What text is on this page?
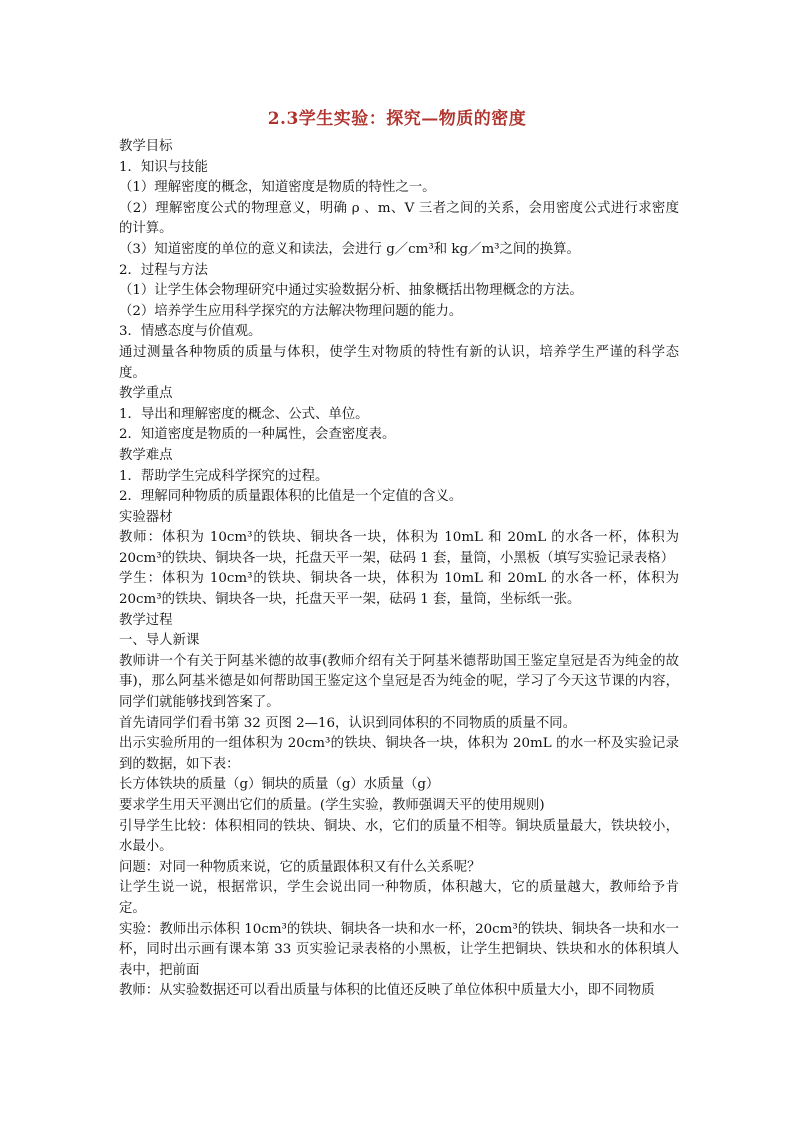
2.3学生实验：探究—物质的密度

教学目标

1．知识与技能

（1）理解密度的概念，知道密度是物质的特性之一。

（2）理解密度公式的物理意义，明确 ρ 、m、V 三者之间的关系，会用密度公式进行求密度的计算。

（3）知道密度的单位的意义和读法，会进行 g／cm³和 kg／m³之间的换算。

2．过程与方法

（1）让学生体会物理研究中通过实验数据分析、抽象概括出物理概念的方法。

（2）培养学生应用科学探究的方法解决物理问题的能力。

3．情感态度与价值观。

通过测量各种物质的质量与体积，使学生对物质的特性有新的认识，培养学生严谨的科学态度。

教学重点

1．导出和理解密度的概念、公式、单位。

2．知道密度是物质的一种属性，会查密度表。

教学难点

1．帮助学生完成科学探究的过程。

2．理解同种物质的质量跟体积的比值是一个定值的含义。

实验器材

教师：体积为 10cm³的铁块、铜块各一块，体积为 10mL 和 20mL 的水各一杯，体积为 20cm³的铁块、铜块各一块，托盘天平一架，砝码 1 套，量筒，小黑板（填写实验记录表格）

学生：体积为 10cm³的铁块、铜块各一块，体积为 10mL 和 20mL 的水各一杯，体积为 20cm³的铁块、铜块各一块，托盘天平一架，砝码 1 套，量筒，坐标纸一张。

教学过程

一、导人新课

教师讲一个有关于阿基米德的故事(教师介绍有关于阿基米德帮助国王鉴定皇冠是否为纯金的故事)，那么阿基米德是如何帮助国王鉴定这个皇冠是否为纯金的呢，学习了今天这节课的内容，同学们就能够找到答案了。

首先请同学们看书第 32 页图 2—16，认识到同体积的不同物质的质量不同。

出示实验所用的一组体积为 20cm³的铁块、铜块各一块，体积为 20mL 的水一杯及实验记录到的数据，如下表：

长方体铁块的质量（g）铜块的质量（g）水质量（g）

要求学生用天平测出它们的质量。(学生实验，教师强调天平的使用规则)

引导学生比较：体积相同的铁块、铜块、水，它们的质量不相等。铜块质量最大，铁块较小，水最小。

问题：对同一种物质来说，它的质量跟体积又有什么关系呢？

让学生说一说，根据常识，学生会说出同一种物质，体积越大，它的质量越大，教师给予肯定。

实验：教师出示体积 10cm³的铁块、铜块各一块和水一杯，20cm³的铁块、铜块各一块和水一杯，同时出示画有课本第 33 页实验记录表格的小黑板，让学生把铜块、铁块和水的体积填人表中，把前面

教师：从实验数据还可以看出质量与体积的比值还反映了单位体积中质量大小，即不同物质
